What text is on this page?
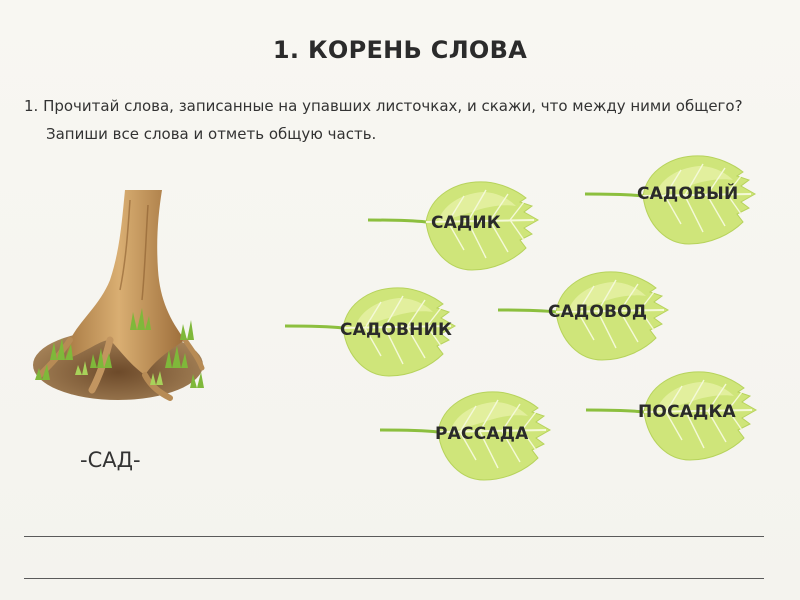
1. КОРЕНЬ СЛОВА
1. Прочитай слова, записанные на упавших листочках, и скажи, что между ними общего?
Запиши все слова и отметь общую часть.
-САД-
САДИК
САДОВЫЙ
САДОВНИК
САДОВОД
РАССАДА
ПОСАДКА
